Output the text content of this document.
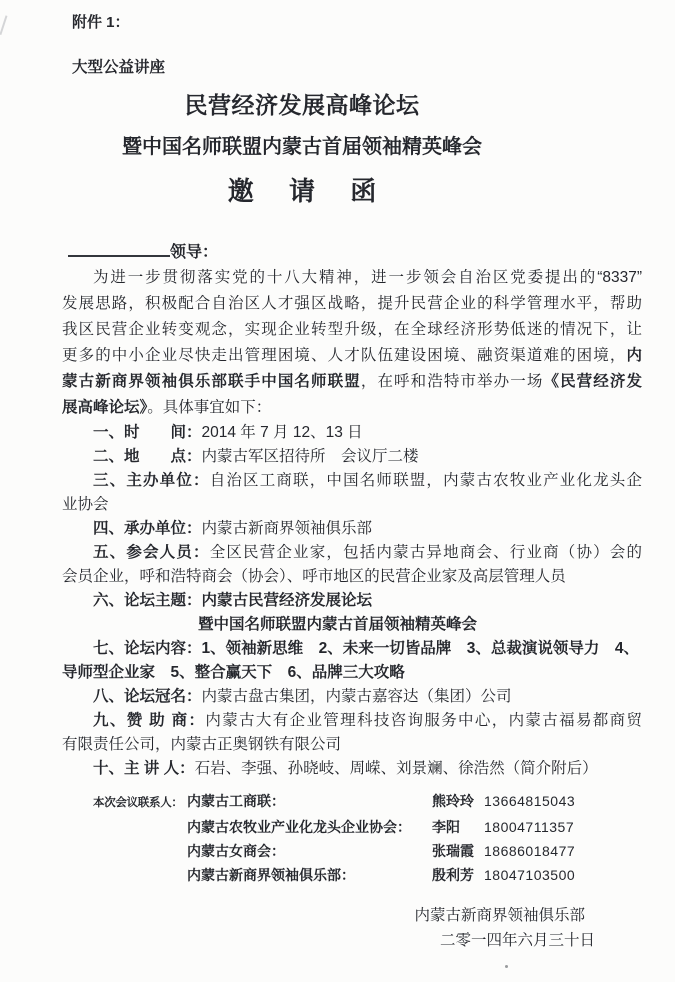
附件 1：
大型公益讲座
民营经济发展高峰论坛
暨中国名师联盟内蒙古首届领袖精英峰会
邀 请 函
领导：
为进一步贯彻落实党的十八大精神，进一步领会自治区党委提出的“8337”
发展思路，积极配合自治区人才强区战略，提升民营企业的科学管理水平，帮助
我区民营企业转变观念，实现企业转型升级，在全球经济形势低迷的情况下，让
更多的中小企业尽快走出管理困境、人才队伍建设困境、融资渠道难的困境，内
蒙古新商界领袖俱乐部联手中国名师联盟，在呼和浩特市举办一场《民营经济发
展高峰论坛》。具体事宜如下：
一、时　　间：2014 年 7 月 12、13 日
二、地　　点：内蒙古军区招待所　会议厅二楼
三、主办单位：自治区工商联，中国名师联盟，内蒙古农牧业产业化龙头企
业协会
四、承办单位：内蒙古新商界领袖俱乐部
五、参会人员：全区民营企业家，包括内蒙古异地商会、行业商（协）会的
会员企业，呼和浩特商会（协会）、呼市地区的民营企业家及高层管理人员
六、论坛主题：内蒙古民营经济发展论坛
暨中国名师联盟内蒙古首届领袖精英峰会
七、论坛内容：1、领袖新思维　2、未来一切皆品牌　3、总裁演说领导力　4、
导师型企业家　5、整合赢天下　6、品牌三大攻略
八、论坛冠名：内蒙古盘古集团，内蒙古嘉容达（集团）公司
九、赞 助 商：内蒙古大有企业管理科技咨询服务中心，内蒙古福易都商贸
有限责任公司，内蒙古正奥钢铁有限公司
十、主 讲 人：石岩、李强、孙晓岐、周嵘、刘景斓、徐浩然（简介附后）
本次会议联系人： 内蒙古工商联：	熊玲玲 13664815043
内蒙古农牧业产业化龙头企业协会：	李阳	18004711357
内蒙古女商会：	张瑞霞 18686018477
内蒙古新商界领袖俱乐部：	殷利芳 18047103500
内蒙古新商界领袖俱乐部
二零一四年六月三十日
